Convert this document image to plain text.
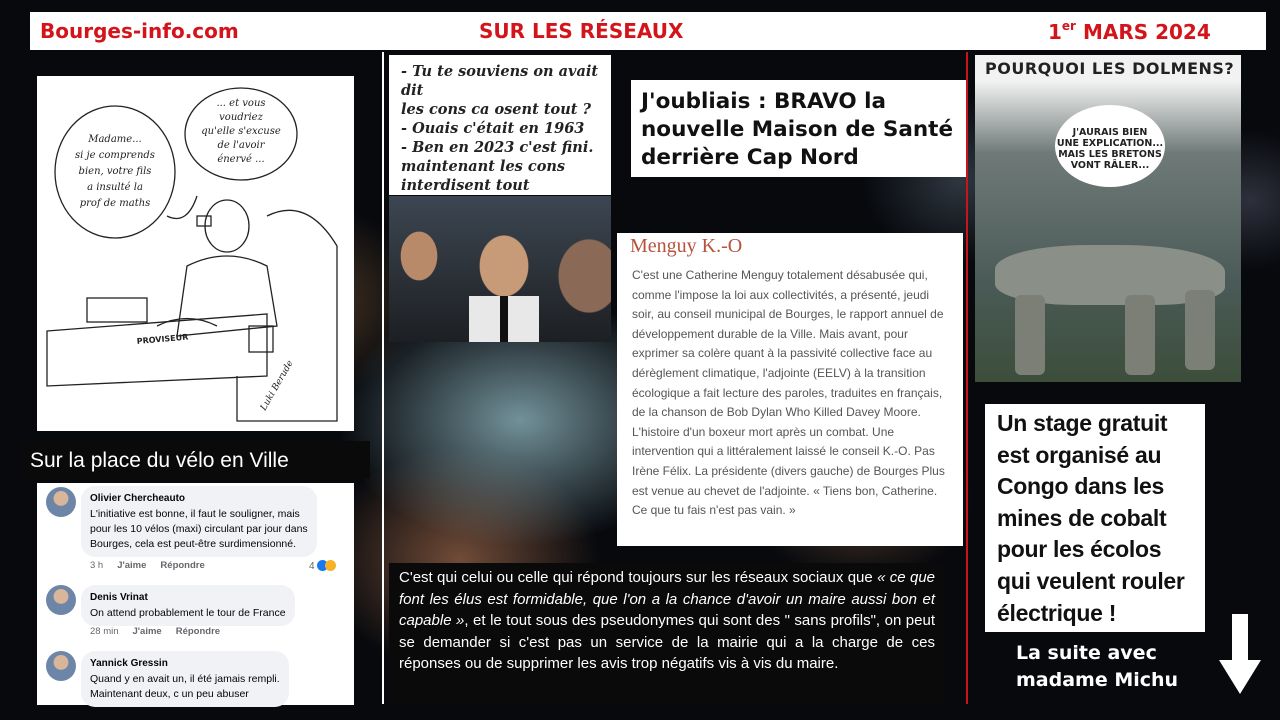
Bourges-info.com	SUR LES RÉSEAUX	1er MARS 2024
Madame...
si je comprends
bien, votre fils
a insulté la
prof de maths
... et vous
voudriez
qu'elle s'excuse
de l'avoir
énervé ...
PROVISEUR
Luki Berude
Sur la place du vélo en Ville
Olivier Chercheauto
L'initiative est bonne, il faut le souligner, mais
pour les 10 vélos (maxi) circulant par jour dans
Bourges, cela est peut-être surdimensionné.
3 h J'aime Répondre	4
Denis Vrinat
On attend probablement le tour de France
28 min J'aime Répondre
Yannick Gressin
Quand y en avait un, il été jamais rempli.
Maintenant deux, c un peu abuser
- Tu te souviens on avait dit
les cons ca osent tout ?
- Ouais c'était en 1963
- Ben en 2023 c'est fini.
maintenant les cons
interdisent tout
J'oubliais : BRAVO la
nouvelle Maison de Santé
derrière Cap Nord
Menguy K.-O
C'est une Catherine Menguy totalement désabusée qui, comme l'impose la loi aux collectivités, a présenté, jeudi soir, au conseil municipal de Bourges, le rapport annuel de développement durable de la Ville. Mais avant, pour exprimer sa colère quant à la passivité collective face au dérèglement climatique, l'adjointe (EELV) à la transition écologique a fait lecture des paroles, traduites en français, de la chanson de Bob Dylan Who Killed Davey Moore. L'histoire d'un boxeur mort après un combat. Une intervention qui a littéralement laissé le conseil K.-O. Pas Irène Félix. La présidente (divers gauche) de Bourges Plus est venue au chevet de l'adjointe. « Tiens bon, Catherine. Ce que tu fais n'est pas vain. »
C'est qui celui ou celle qui répond toujours sur les réseaux sociaux que « ce que font les élus est formidable, que l'on a la chance d'avoir un maire aussi bon et capable », et le tout sous des pseudonymes qui sont des " sans profils", on peut se demander si c'est pas un service de la mairie qui a la charge de ces réponses ou de supprimer les avis trop négatifs vis à vis du maire.
POURQUOI LES DOLMENS?
J'AURAIS BIEN
UNE EXPLICATION...
MAIS LES BRETONS
VONT RÂLER...
Un stage gratuit
est organisé au
Congo dans les
mines de cobalt
pour les écolos
qui veulent rouler
électrique !
La suite avec
madame Michu
